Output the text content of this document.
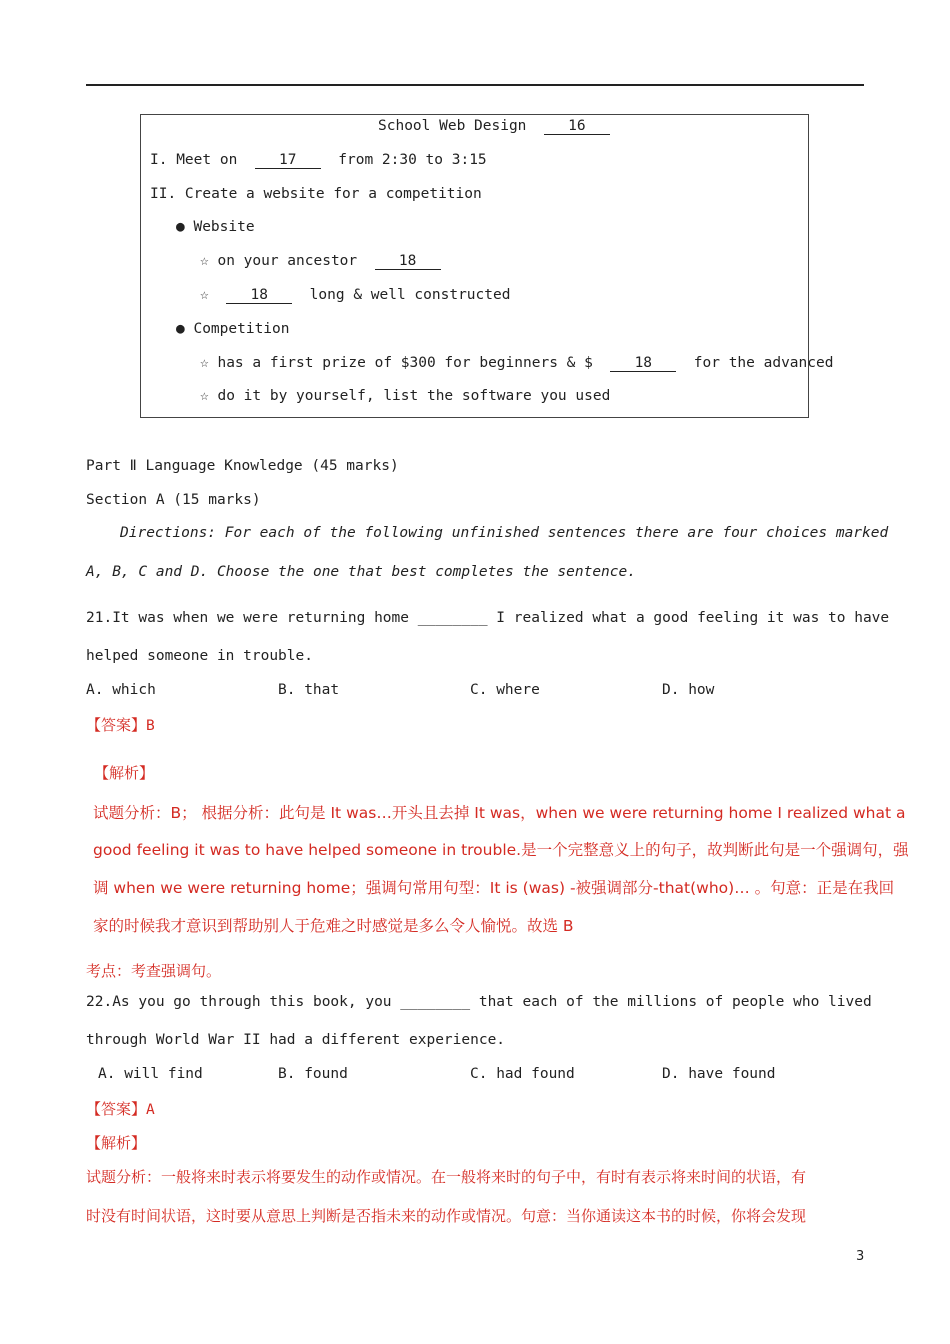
School Web Design	16
I. Meet on	17	from 2:30 to 3:15
II. Create a website for a competition
● Website
☆ on your ancestor	18
☆	18	long & well constructed
● Competition
☆ has a first prize of $300 for beginners & $	18	for the advanced
☆ do it by yourself, list the software you used
Part Ⅱ Language Knowledge (45 marks)
Section A (15 marks)
Directions: For each of the following unfinished sentences there are four choices marked
A, B, C and D. Choose the one that best completes the sentence.
21.It was when we were returning home ________ I realized what a good feeling it was to have
helped someone in trouble.
A. which	B. that	C. where	D. how
【答案】B
【解析】
试题分析：B； 根据分析：此句是 It was…开头且去掉 It was，when we were returning home I realized what a
good feeling it was to have helped someone in trouble.是一个完整意义上的句子，故判断此句是一个强调句，强
调 when we were returning home；强调句常用句型：It is (was) -被强调部分-that(who)… 。句意：正是在我回
家的时候我才意识到帮助别人于危难之时感觉是多么令人愉悦。故选 B
考点：考查强调句。
22.As you go through this book, you ________ that each of the millions of people who lived
through World War II had a different experience.
A. will find	B. found	C. had found	D. have found
【答案】A
【解析】
试题分析：一般将来时表示将要发生的动作或情况。在一般将来时的句子中，有时有表示将来时间的状语，有
时没有时间状语，这时要从意思上判断是否指未来的动作或情况。句意：当你通读这本书的时候，你将会发现
3
